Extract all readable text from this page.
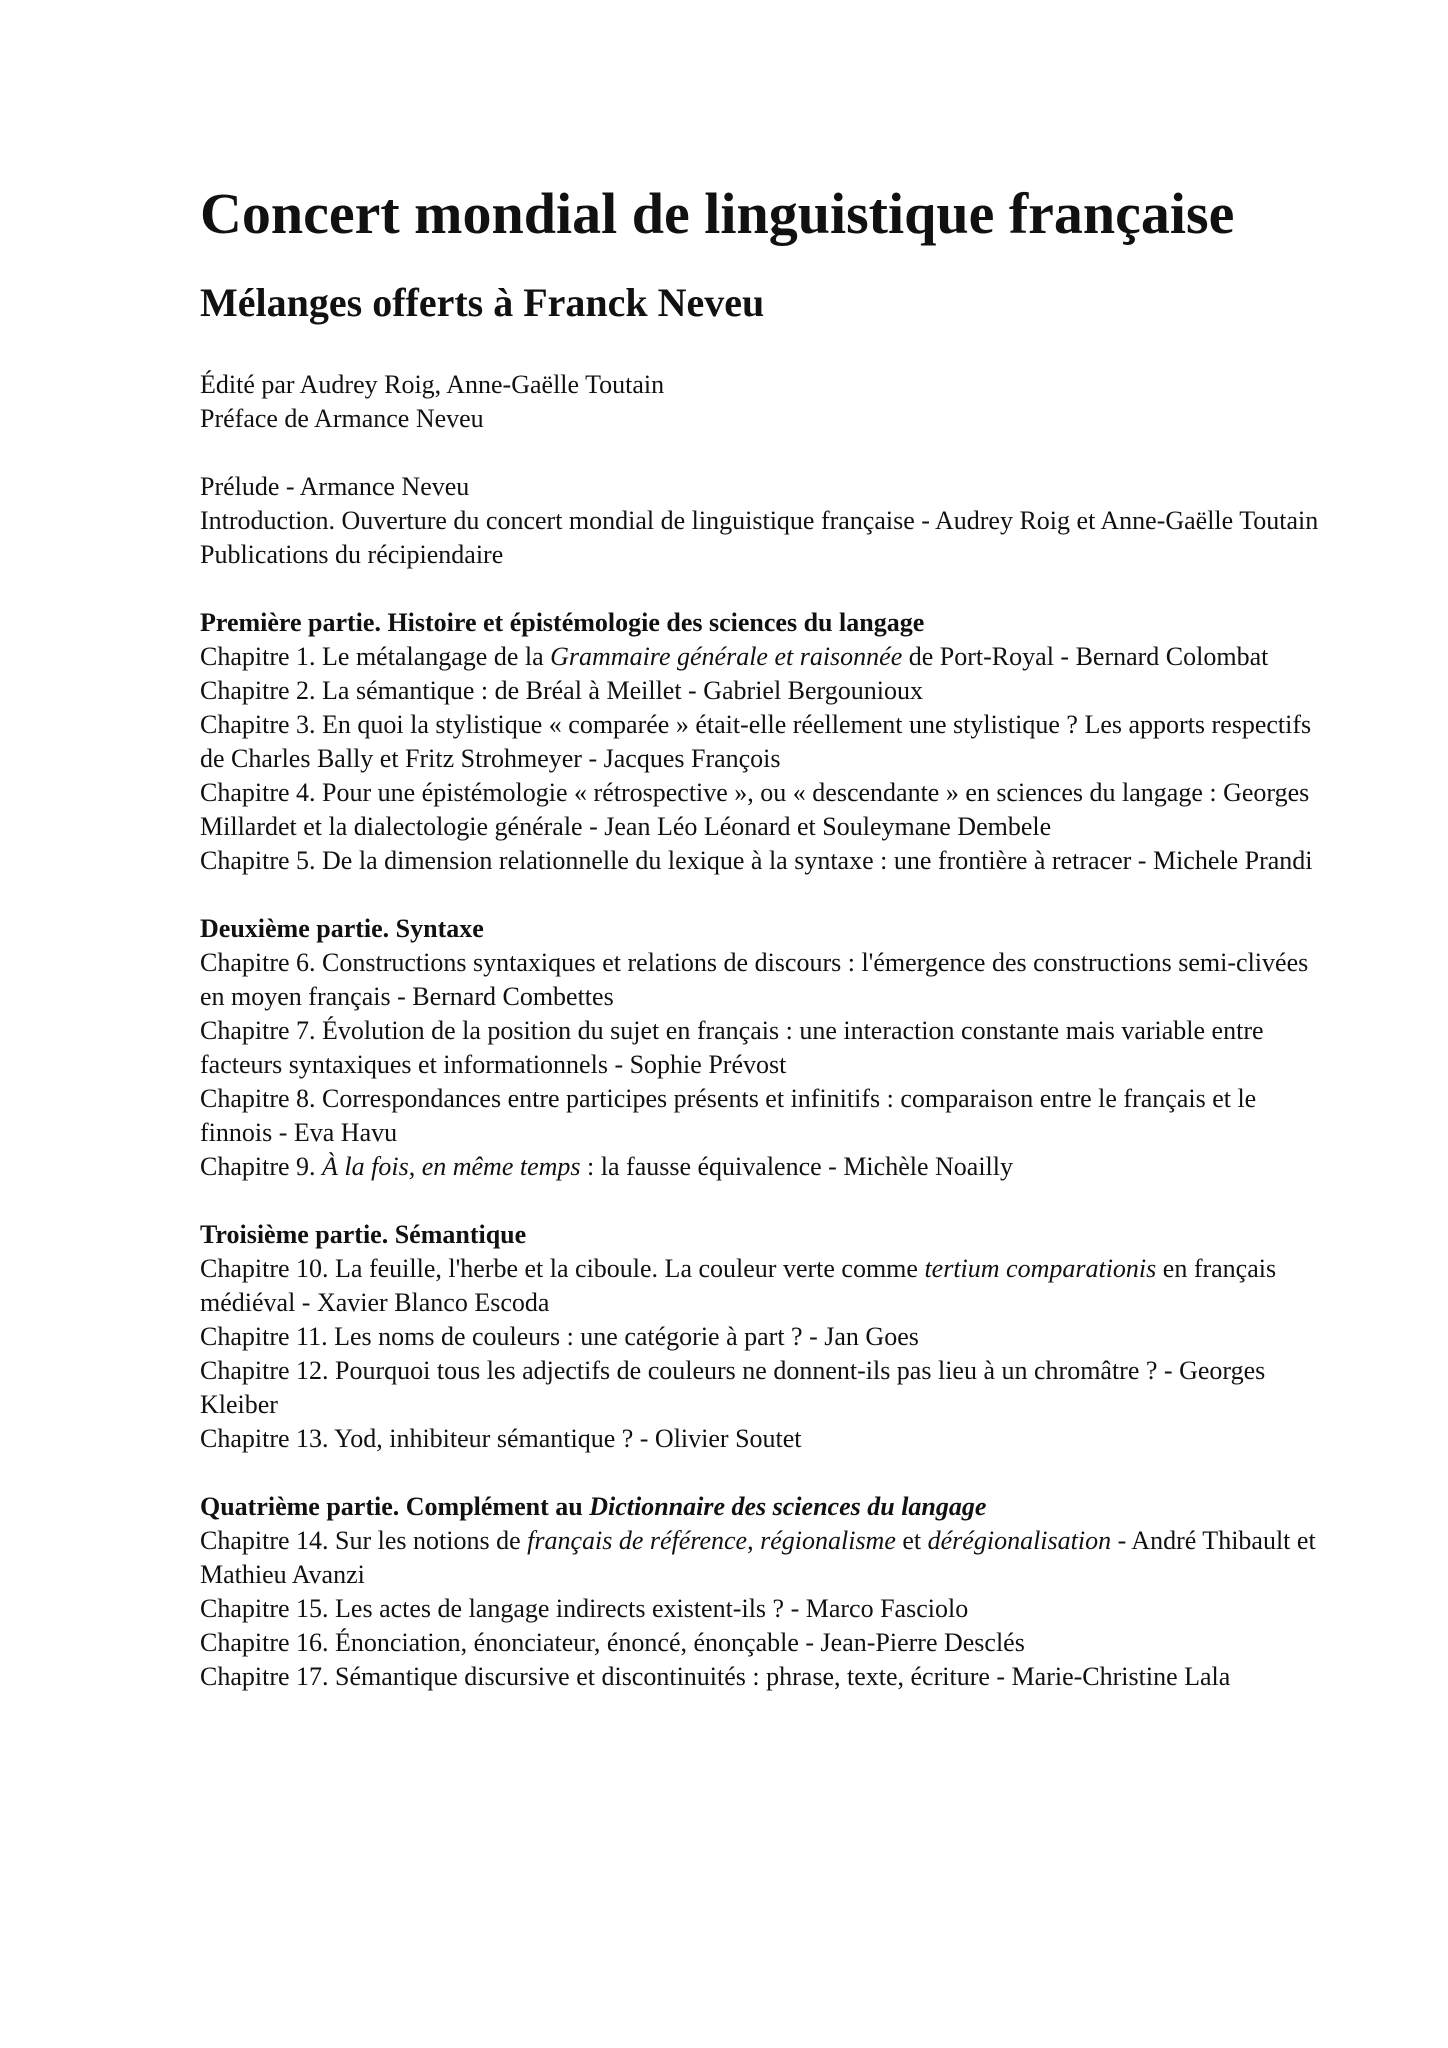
Concert mondial de linguistique française
Mélanges offerts à Franck Neveu

Édité par Audrey Roig, Anne-Gaëlle Toutain

Préface de Armance Neveu

Prélude - Armance Neveu

Introduction. Ouverture du concert mondial de linguistique française - Audrey Roig et Anne-Gaëlle Toutain

Publications du récipiendaire

Première partie. Histoire et épistémologie des sciences du langage

Chapitre 1. Le métalangage de la Grammaire générale et raisonnée de Port-Royal - Bernard Colombat

Chapitre 2. La sémantique : de Bréal à Meillet - Gabriel Bergounioux

Chapitre 3. En quoi la stylistique « comparée » était-elle réellement une stylistique ? Les apports respectifs de Charles Bally et Fritz Strohmeyer - Jacques François

Chapitre 4. Pour une épistémologie « rétrospective », ou « descendante » en sciences du langage : Georges Millardet et la dialectologie générale - Jean Léo Léonard et Souleymane Dembele

Chapitre 5. De la dimension relationnelle du lexique à la syntaxe : une frontière à retracer - Michele Prandi

Deuxième partie. Syntaxe

Chapitre 6. Constructions syntaxiques et relations de discours : l'émergence des constructions semi-clivées en moyen français - Bernard Combettes

Chapitre 7. Évolution de la position du sujet en français : une interaction constante mais variable entre facteurs syntaxiques et informationnels - Sophie Prévost

Chapitre 8. Correspondances entre participes présents et infinitifs : comparaison entre le français et le finnois - Eva Havu

Chapitre 9. À la fois, en même temps : la fausse équivalence - Michèle Noailly

Troisième partie. Sémantique

Chapitre 10. La feuille, l'herbe et la ciboule. La couleur verte comme tertium comparationis en français médiéval - Xavier Blanco Escoda

Chapitre 11. Les noms de couleurs : une catégorie à part ? - Jan Goes

Chapitre 12. Pourquoi tous les adjectifs de couleurs ne donnent-ils pas lieu à un chromâtre ? - Georges Kleiber

Chapitre 13. Yod, inhibiteur sémantique ? - Olivier Soutet

Quatrième partie. Complément au Dictionnaire des sciences du langage

Chapitre 14. Sur les notions de français de référence, régionalisme et dérégionalisation - André Thibault et Mathieu Avanzi

Chapitre 15. Les actes de langage indirects existent-ils ? - Marco Fasciolo

Chapitre 16. Énonciation, énonciateur, énoncé, énonçable - Jean-Pierre Desclés

Chapitre 17. Sémantique discursive et discontinuités : phrase, texte, écriture - Marie-Christine Lala
